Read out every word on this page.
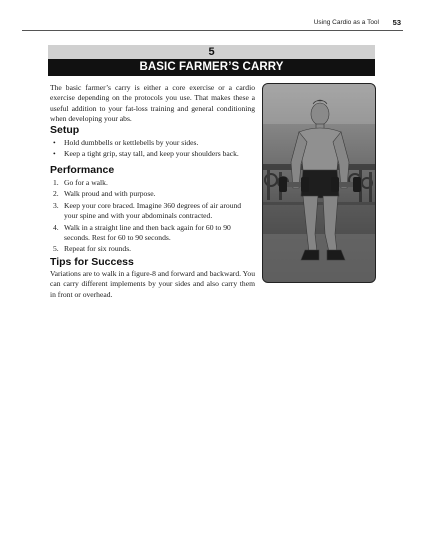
Using Cardio as a Tool 53
5
BASIC FARMER’S CARRY

The basic farmer’s carry is either a core exercise or a cardio exercise depending on the protocols you use. That makes these a useful addition to your fat-loss training and general conditioning when developing your abs.

Setup
• Hold dumbbells or kettlebells by your sides.
• Keep a tight grip, stay tall, and keep your shoulders back.
Performance
1. Go for a walk.
2. Walk proud and with purpose.
3. Keep your core braced. Imagine 360 degrees of air around your spine and with your abdominals contracted.
4. Walk in a straight line and then back again for 60 to 90 seconds. Rest for 60 to 90 seconds.
5. Repeat for six rounds.
Tips for Success

Variations are to walk in a figure-8 and forward and backward. You can carry different implements by your sides and also carry them in front or overhead.
